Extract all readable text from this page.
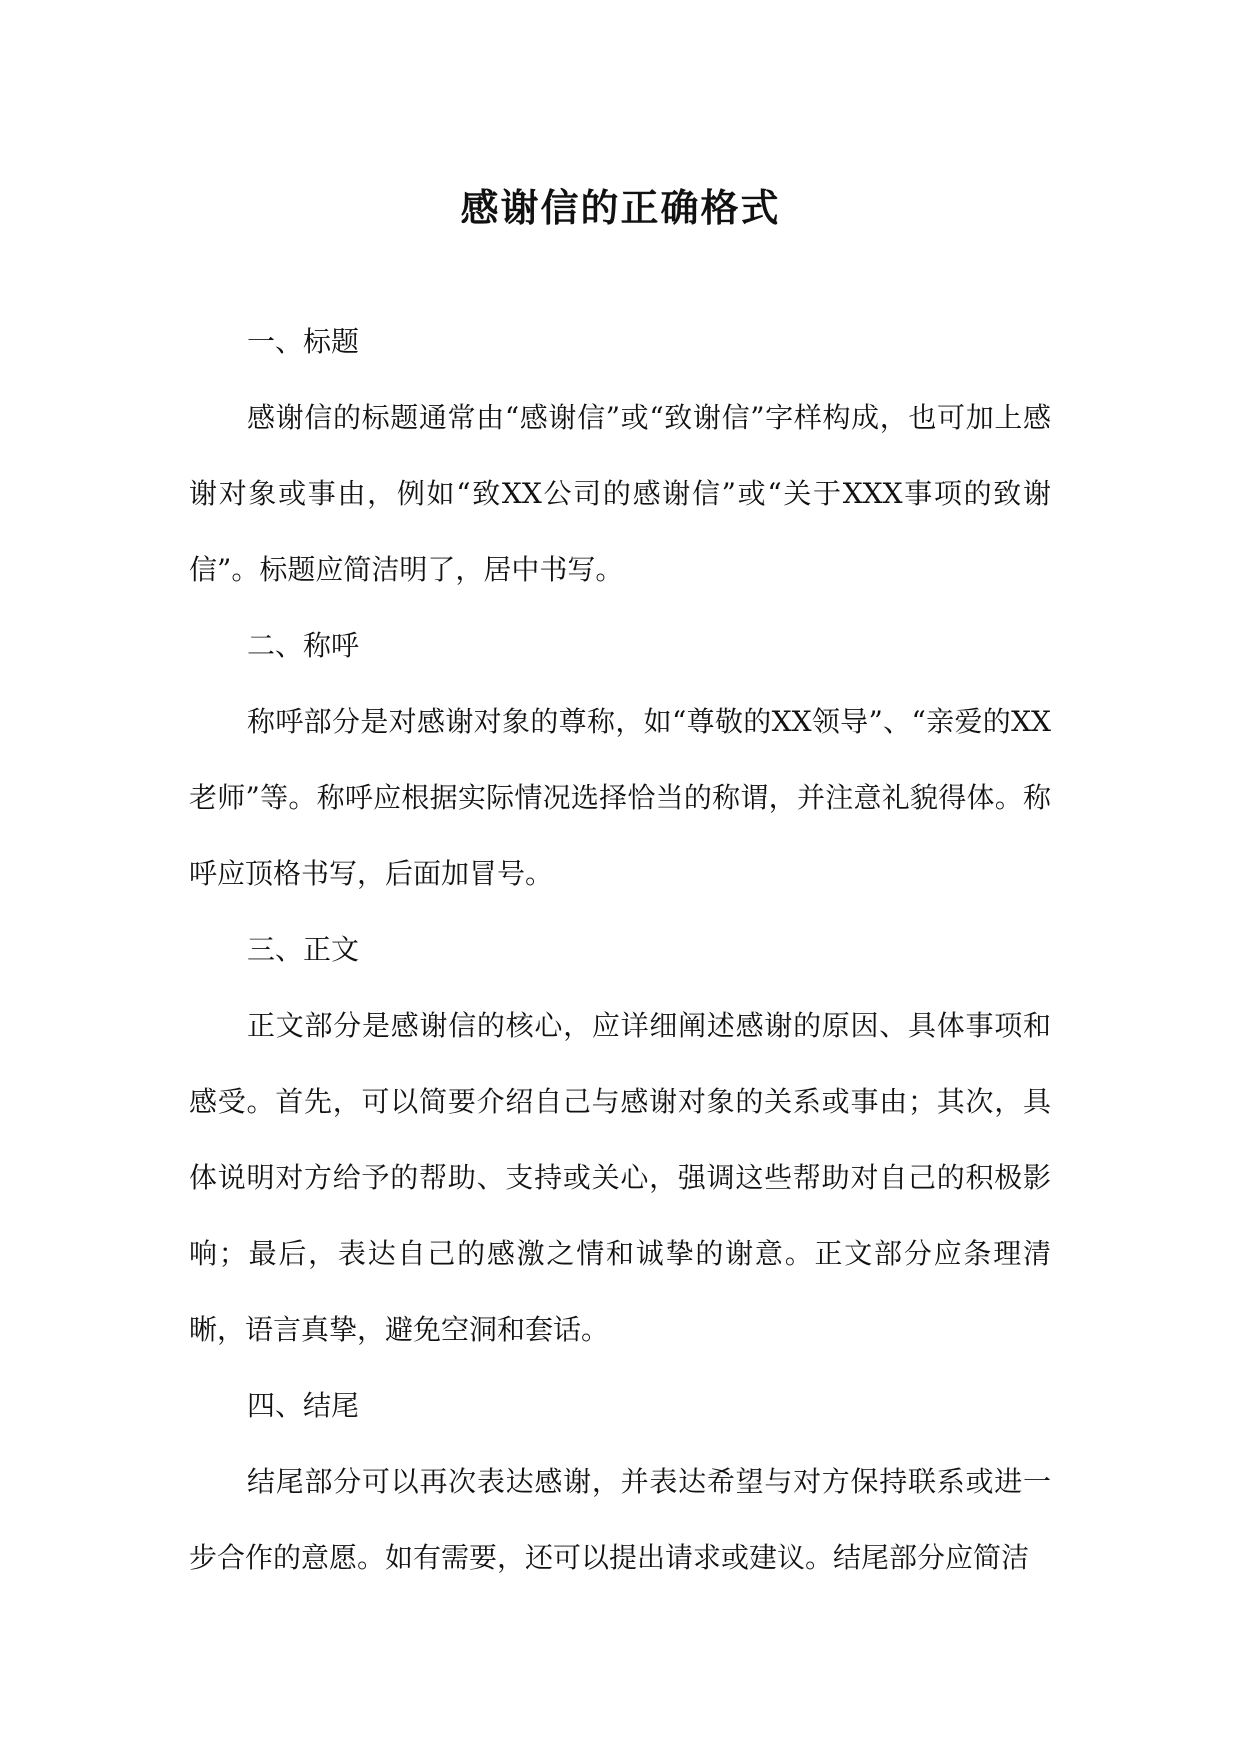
感谢信的正确格式

一、标题

感谢信的标题通常由“感谢信”或“致谢信”字样构成，也可加上感谢对象或事由，例如“致XX公司的感谢信”或“关于XXX事项的致谢信”。标题应简洁明了，居中书写。

二、称呼

称呼部分是对感谢对象的尊称，如“尊敬的XX领导”、“亲爱的XX老师”等。称呼应根据实际情况选择恰当的称谓，并注意礼貌得体。称呼应顶格书写，后面加冒号。

三、正文

正文部分是感谢信的核心，应详细阐述感谢的原因、具体事项和感受。首先，可以简要介绍自己与感谢对象的关系或事由；其次，具体说明对方给予的帮助、支持或关心，强调这些帮助对自己的积极影响；最后，表达自己的感激之情和诚挚的谢意。正文部分应条理清晰，语言真挚，避免空洞和套话。

四、结尾

结尾部分可以再次表达感谢，并表达希望与对方保持联系或进一步合作的意愿。如有需要，还可以提出请求或建议。结尾部分应简洁
